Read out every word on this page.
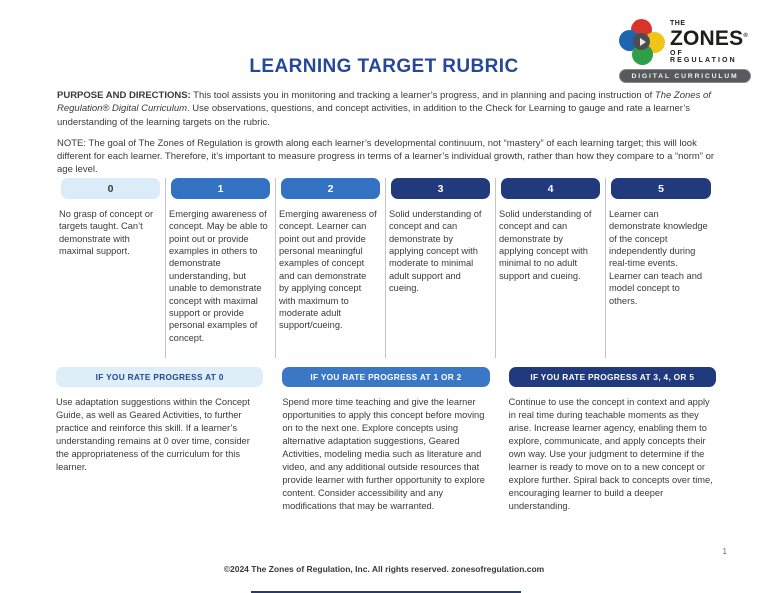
THE
ZONES®
OF REGULATION
DIGITAL CURRICULUM
LEARNING TARGET RUBRIC

PURPOSE AND DIRECTIONS: This tool assists you in monitoring and tracking a learner’s progress, and in planning and pacing instruction of The Zones of Regulation® Digital Curriculum. Use observations, questions, and concept activities, in addition to the Check for Learning to gauge and rate a learner’s understanding of the learning targets on the rubric.

NOTE: The goal of The Zones of Regulation is growth along each learner’s developmental continuum, not “mastery” of each learning target; this will look different for each learner. Therefore, it’s important to measure progress in terms of a learner’s individual growth, rather than how they compare to a “norm” or age level.

0
No grasp of concept or targets taught. Can’t demonstrate with maximal support.
1
Emerging awareness of concept. May be able to point out or provide examples in others to demonstrate understanding, but unable to demonstrate concept with maximal support or provide personal examples of concept.
2
Emerging awareness of concept. Learner can point out and provide personal meaningful examples of concept and can demonstrate by applying concept with maximum to moderate adult support/cueing.
3
Solid understanding of concept and can demonstrate by applying concept with moderate to minimal adult support and cueing.
4
Solid understanding of concept and can demonstrate by applying concept with minimal to no adult support and cueing.
5
Learner can demonstrate knowledge of the concept independently during real-time events. Learner can teach and model concept to others.
IF YOU RATE PROGRESS AT 0
Use adaptation suggestions within the Concept Guide, as well as Geared Activities, to further practice and reinforce this skill. If a learner’s understanding remains at 0 over time, consider the appropriateness of the curriculum for this learner.
IF YOU RATE PROGRESS AT 1 OR 2
Spend more time teaching and give the learner opportunities to apply this concept before moving on to the next one. Explore concepts using alternative adaptation suggestions, Geared Activities, modeling media such as literature and video, and any additional outside resources that provide learner with further opportunity to explore content. Consider accessibility and any modifications that may be warranted.
IF YOU RATE PROGRESS AT 3, 4, OR 5
Continue to use the concept in context and apply in real time during teachable moments as they arise. Increase learner agency, enabling them to explore, communicate, and apply concepts their own way. Use your judgment to determine if the learner is ready to move on to a new concept or explore further. Spiral back to concepts over time, encouraging learner to build a deeper understanding.
©2024 The Zones of Regulation, Inc. All rights reserved. zonesofregulation.com
1
